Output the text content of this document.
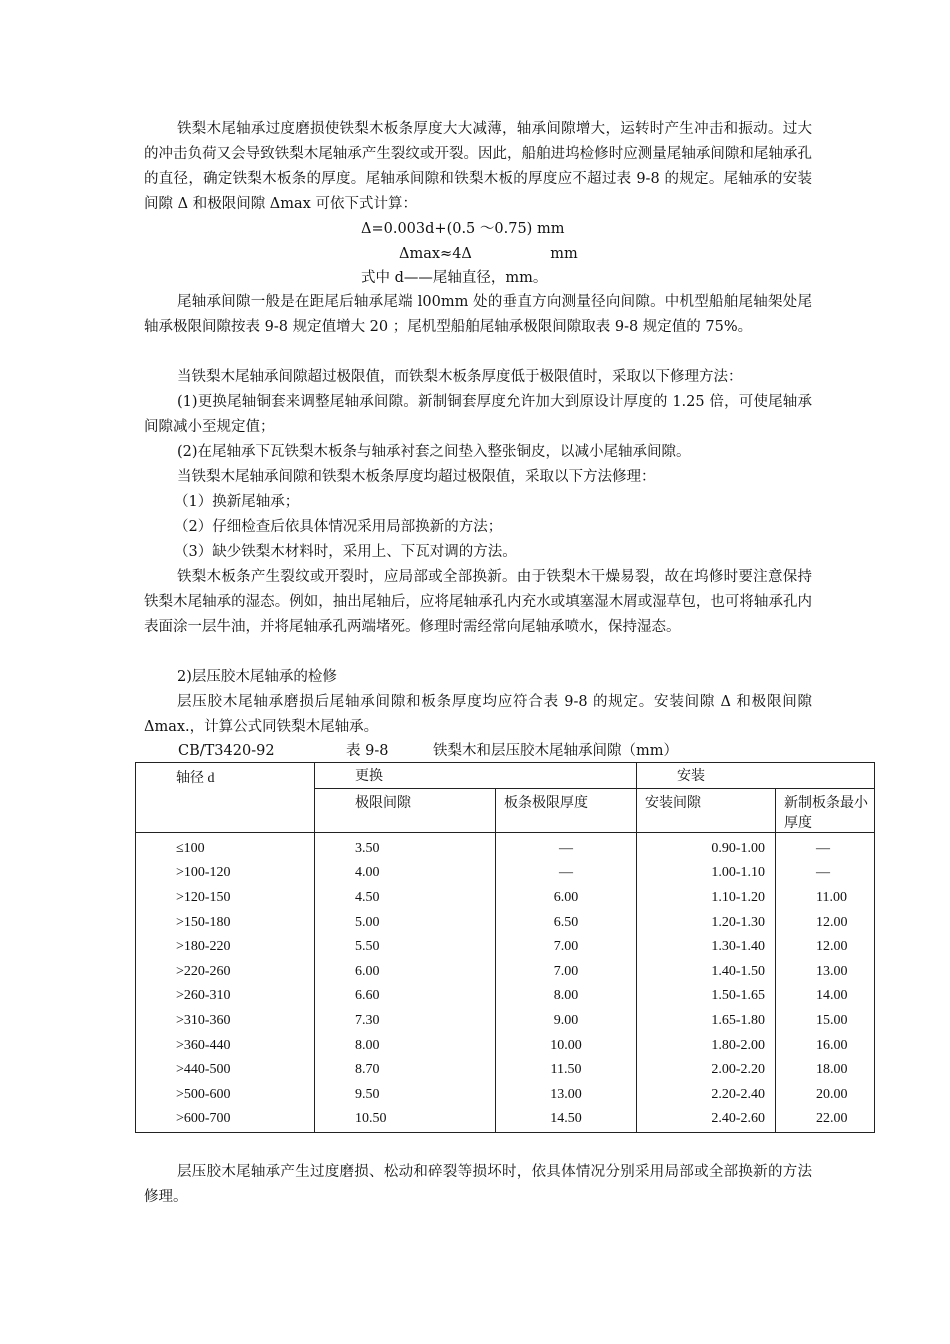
铁梨木尾轴承过度磨损使铁梨木板条厚度大大减薄，轴承间隙增大，运转时产生冲击和振动。过大的冲击负荷又会导致铁梨木尾轴承产生裂纹或开裂。因此，船舶进坞检修时应测量尾轴承间隙和尾轴承孔的直径，确定铁梨木板条的厚度。尾轴承间隙和铁梨木板的厚度应不超过表 9-8 的规定。尾轴承的安装间隙 Δ 和极限间隙 Δmax 可依下式计算：

Δ=0.003d+(0.5 ～0.75) mm

Δmax≈4Δ                 mm

式中 d——尾轴直径，mm。

尾轴承间隙一般是在距尾后轴承尾端 l00mm 处的垂直方向测量径向间隙。中机型船舶尾轴架处尾轴承极限间隙按表 9-8 规定值增大 20 ；尾机型船舶尾轴承极限间隙取表 9-8 规定值的 75%。

当铁梨木尾轴承间隙超过极限值，而铁梨木板条厚度低于极限值时，采取以下修理方法：

(1)更换尾轴铜套来调整尾轴承间隙。新制铜套厚度允许加大到原设计厚度的 1.25 倍，可使尾轴承间隙减小至规定值；

(2)在尾轴承下瓦铁梨木板条与轴承衬套之间垫入整张铜皮，以减小尾轴承间隙。

当铁梨木尾轴承间隙和铁梨木板条厚度均超过极限值，采取以下方法修理：

（1）换新尾轴承；

（2）仔细检查后依具体情况采用局部换新的方法；

（3）缺少铁梨木材料时，采用上、下瓦对调的方法。

铁梨木板条产生裂纹或开裂时，应局部或全部换新。由于铁梨木干燥易裂，故在坞修时要注意保持铁梨木尾轴承的湿态。例如，抽出尾轴后，应将尾轴承孔内充水或填塞湿木屑或湿草包，也可将轴承孔内表面涂一层牛油，并将尾轴承孔两端堵死。修理时需经常向尾轴承喷水，保持湿态。

2)层压胶木尾轴承的检修

层压胶木尾轴承磨损后尾轴承间隙和板条厚度均应符合表 9-8 的规定。安装间隙 Δ 和极限间隙 Δmax.，计算公式同铁梨木尾轴承。

CB/T3420-92	表 9-8	铁梨木和层压胶木尾轴承间隙（mm）
轴径 d	更换		安装	
	极限间隙	板条极限厚度	安装间隙	新制板条最小厚度
≤100	3.50	—	0.90-1.00	—
>100-120	4.00	—	1.00-1.10	—
>120-150	4.50	6.00	1.10-1.20	11.00
>150-180	5.00	6.50	1.20-1.30	12.00
>180-220	5.50	7.00	1.30-1.40	12.00
>220-260	6.00	7.00	1.40-1.50	13.00
>260-310	6.60	8.00	1.50-1.65	14.00
>310-360	7.30	9.00	1.65-1.80	15.00
>360-440	8.00	10.00	1.80-2.00	16.00
>440-500	8.70	11.50	2.00-2.20	18.00
>500-600	9.50	13.00	2.20-2.40	20.00
>600-700	10.50	14.50	2.40-2.60	22.00

层压胶木尾轴承产生过度磨损、松动和碎裂等损坏时，依具体情况分别采用局部或全部换新的方法修理。
